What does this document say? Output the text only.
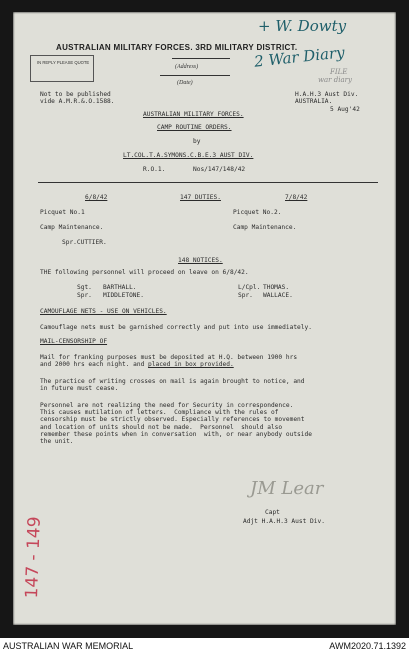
+ W. Dowty
2 War Diary
FILE
war diary
AUSTRALIAN MILITARY FORCES. 3RD MILITARY DISTRICT.
(Address)
(Date)
IN REPLY PLEASE QUOTE
Not to be published
vide A.M.R.&.O.1588.
H.A.H.3 Aust Div.
AUSTRALIA.
5 Aug'42
AUSTRALIAN MILITARY FORCES.
CAMP ROUTINE ORDERS.
by
LT.COL.T.A.SYMONS.C.B.E.3 AUST DIV.
R.O.1.	Nos/147/148/42
6/8/42	147 DUTIES.	7/8/42
Picquet No.1	Picquet No.2.
Camp Maintenance.	Camp Maintenance.
Spr.CUTTIER.
148 NOTICES.
THE following personnel will proceed on leave on 6/8/42.
Sgt. BARTHALL.	L/Cpl. THOMAS.
Spr. MIDDLETONE.	Spr. WALLACE.
CAMOUFLAGE NETS - USE ON VEHICLES.
Camouflage nets must be garnished correctly and put into use immediately.
MAIL-CENSORSHIP OF
Mail for franking purposes must be deposited at H.Q. between 1900 hrs
and 2000 hrs each night. and placed in box provided.
The practice of writing crosses on mail is again brought to notice, and
in future must cease.
Personnel are not realizing the need for Security in correspondence.
This causes mutilation of letters.  Compliance with the rules of
censorship must be strictly observed. Especially references to movement
and location of units should not be made.  Personnel  should also
remember these points when in conversation  with, or near anybody outside
the unit.
JM Lear
Capt
Adjt H.A.H.3 Aust Div.
147 - 149
AUSTRALIAN WAR MEMORIAL	AWM2020.71.1392
